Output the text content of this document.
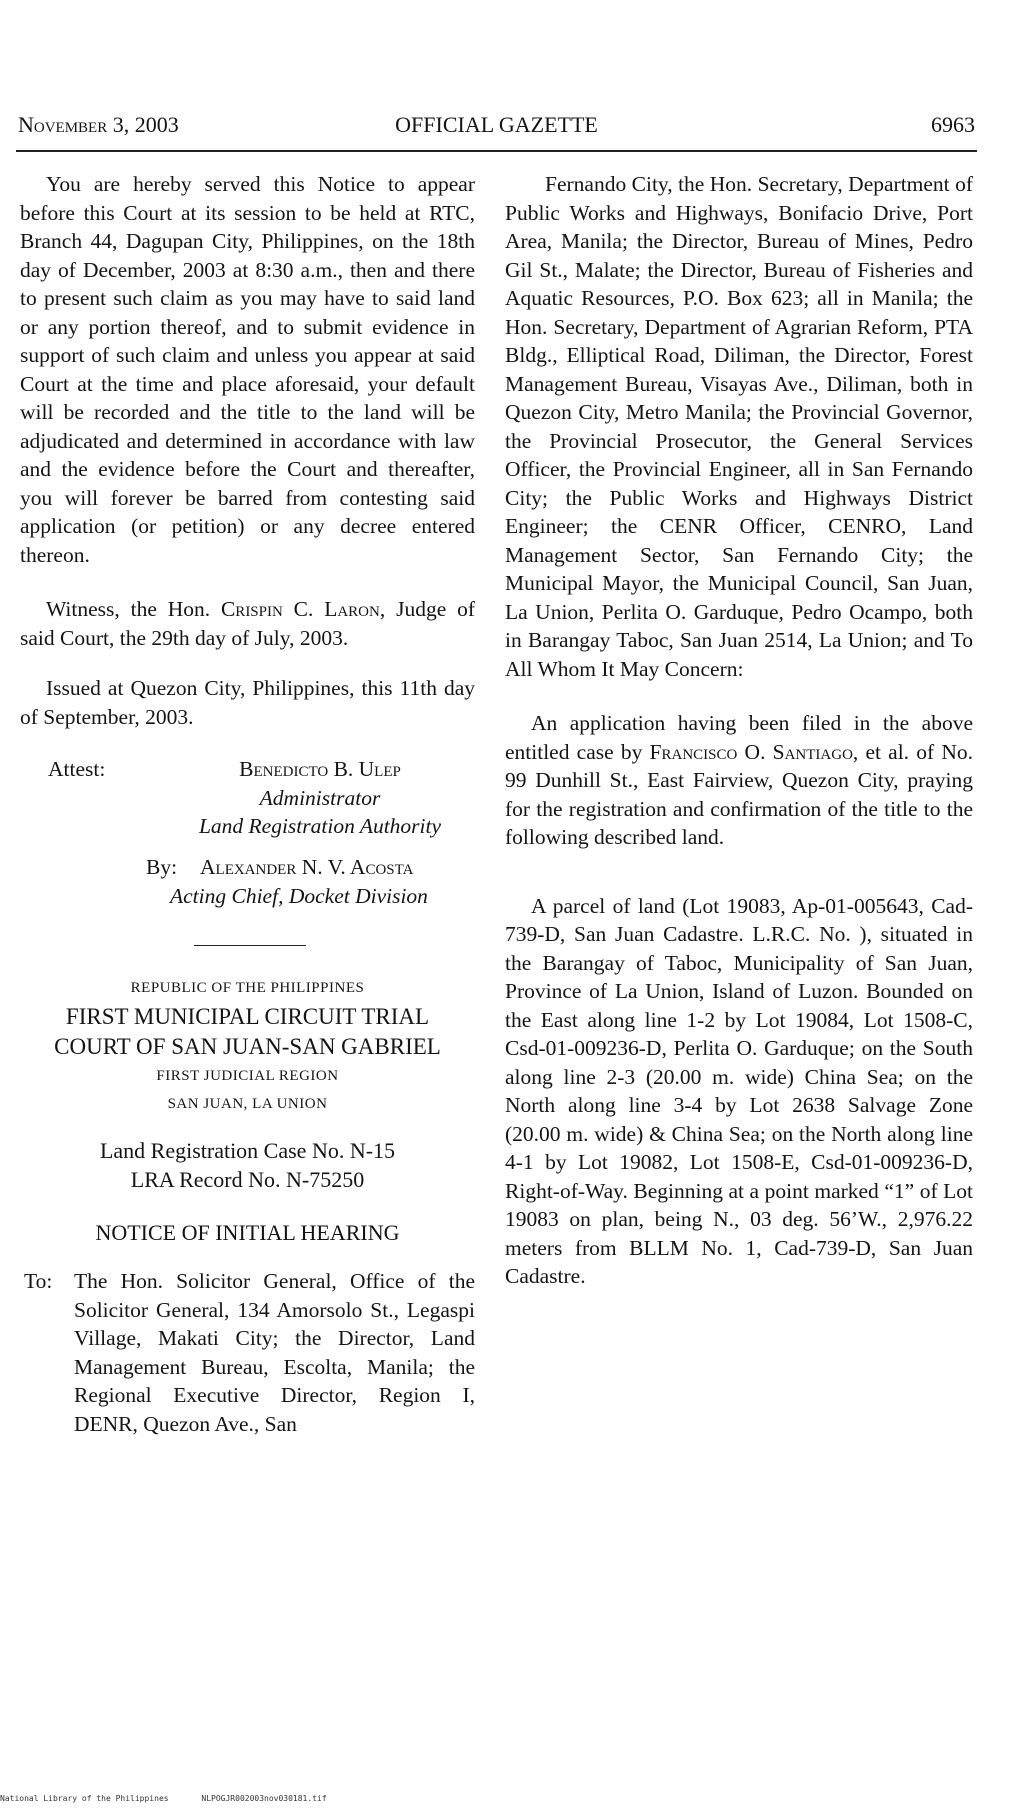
November 3, 2003	OFFICIAL GAZETTE	6963

You are hereby served this Notice to appear before this Court at its session to be held at RTC, Branch 44, Dagupan City, Philippines, on the 18th day of December, 2003 at 8:30 a.m., then and there to present such claim as you may have to said land or any portion thereof, and to submit evidence in support of such claim and unless you appear at said Court at the time and place aforesaid, your default will be recorded and the title to the land will be adjudicated and determined in accordance with law and the evidence before the Court and thereafter, you will forever be barred from contesting said application (or petition) or any decree entered thereon.

Witness, the Hon. Crispin C. Laron, Judge of said Court, the 29th day of July, 2003.

Issued at Quezon City, Philippines, this 11th day of September, 2003.

Attest:	Benedicto B. Ulep
Administrator
Land Registration Authority
By: Alexander N. V. Acosta
Acting Chief, Docket Division
REPUBLIC OF THE PHILIPPINES
FIRST MUNICIPAL CIRCUIT TRIAL
COURT OF SAN JUAN-SAN GABRIEL
FIRST JUDICIAL REGION
SAN JUAN, LA UNION
Land Registration Case No. N-15
LRA Record No. N-75250
NOTICE OF INITIAL HEARING
To: The Hon. Solicitor General, Office of the Solicitor General, 134 Amorsolo St., Legaspi Village, Makati City; the Director, Land Management Bureau, Escolta, Manila; the Regional Executive Director, Region I, DENR, Quezon Ave., San

Fernando City, the Hon. Secretary, Department of Public Works and Highways, Bonifacio Drive, Port Area, Manila; the Director, Bureau of Mines, Pedro Gil St., Malate; the Director, Bureau of Fisheries and Aquatic Resources, P.O. Box 623; all in Manila; the Hon. Secretary, Department of Agrarian Reform, PTA Bldg., Elliptical Road, Diliman, the Director, Forest Management Bureau, Visayas Ave., Diliman, both in Quezon City, Metro Manila; the Provincial Governor, the Provincial Prosecutor, the General Services Officer, the Provincial Engineer, all in San Fernando City; the Public Works and Highways District Engineer; the CENR Officer, CENRO, Land Management Sector, San Fernando City; the Municipal Mayor, the Municipal Council, San Juan, La Union, Perlita O. Garduque, Pedro Ocampo, both in Barangay Taboc, San Juan 2514, La Union; and To All Whom It May Concern:

An application having been filed in the above entitled case by Francisco O. Santiago, et al. of No. 99 Dunhill St., East Fairview, Quezon City, praying for the registration and confirmation of the title to the following described land.

A parcel of land (Lot 19083, Ap-01-005643, Cad-739-D, San Juan Cadastre. L.R.C. No. ), situated in the Barangay of Taboc, Municipality of San Juan, Province of La Union, Island of Luzon. Bounded on the East along line 1-2 by Lot 19084, Lot 1508-C, Csd-01-009236-D, Perlita O. Garduque; on the South along line 2-3 (20.00 m. wide) China Sea; on the North along line 3-4 by Lot 2638 Salvage Zone (20.00 m. wide) & China Sea; on the North along line 4-1 by Lot 19082, Lot 1508-E, Csd-01-009236-D, Right-of-Way. Beginning at a point marked “1” of Lot 19083 on plan, being N., 03 deg. 56’W., 2,976.22 meters from BLLM No. 1, Cad-739-D, San Juan Cadastre.

National Library of the Philippines	NLPOGJR002003nov030181.tif
